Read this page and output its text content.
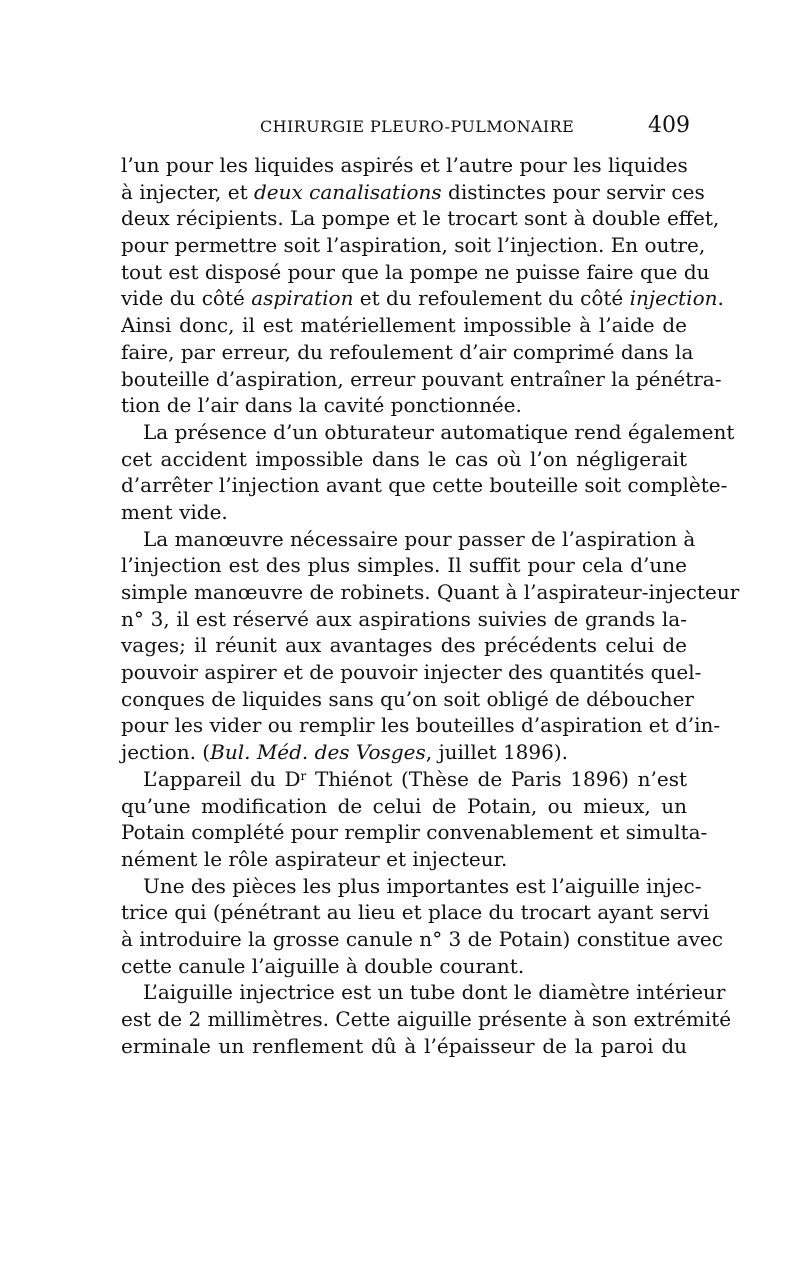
CHIRURGIE PLEURO-PULMONAIRE	409
l’un pour les liquides aspirés et l’autre pour les liquides
à injecter, et deux canalisations distinctes pour servir ces
deux récipients. La pompe et le trocart sont à double effet,
pour permettre soit l’aspiration, soit l’injection. En outre,
tout est disposé pour que la pompe ne puisse faire que du
vide du côté aspiration et du refoulement du côté injection.
Ainsi donc, il est matériellement impossible à l’aide de
faire, par erreur, du refoulement d’air comprimé dans la
bouteille d’aspiration, erreur pouvant entraîner la pénétra-
tion de l’air dans la cavité ponctionnée.
La présence d’un obturateur automatique rend également
cet accident impossible dans le cas où l’on négligerait
d’arrêter l’injection avant que cette bouteille soit complète-
ment vide.
La manœuvre nécessaire pour passer de l’aspiration à
l’injection est des plus simples. Il suffit pour cela d’une
simple manœuvre de robinets. Quant à l’aspirateur-injecteur
n° 3, il est réservé aux aspirations suivies de grands la-
vages; il réunit aux avantages des précédents celui de
pouvoir aspirer et de pouvoir injecter des quantités quel-
conques de liquides sans qu’on soit obligé de déboucher
pour les vider ou remplir les bouteilles d’aspiration et d’in-
jection. (Bul. Méd. des Vosges, juillet 1896).
L’appareil du $D^r$ Thiénot (Thèse de Paris 1896) n’est
qu’une modification de celui de Potain, ou mieux, un
Potain complété pour remplir convenablement et simulta-
nément le rôle aspirateur et injecteur.
Une des pièces les plus importantes est l’aiguille injec-
trice qui (pénétrant au lieu et place du trocart ayant servi
à introduire la grosse canule n° 3 de Potain) constitue avec
cette canule l’aiguille à double courant.
L’aiguille injectrice est un tube dont le diamètre intérieur
est de 2 millimètres. Cette aiguille présente à son extrémité
erminale un renflement dû à l’épaisseur de la paroi du
